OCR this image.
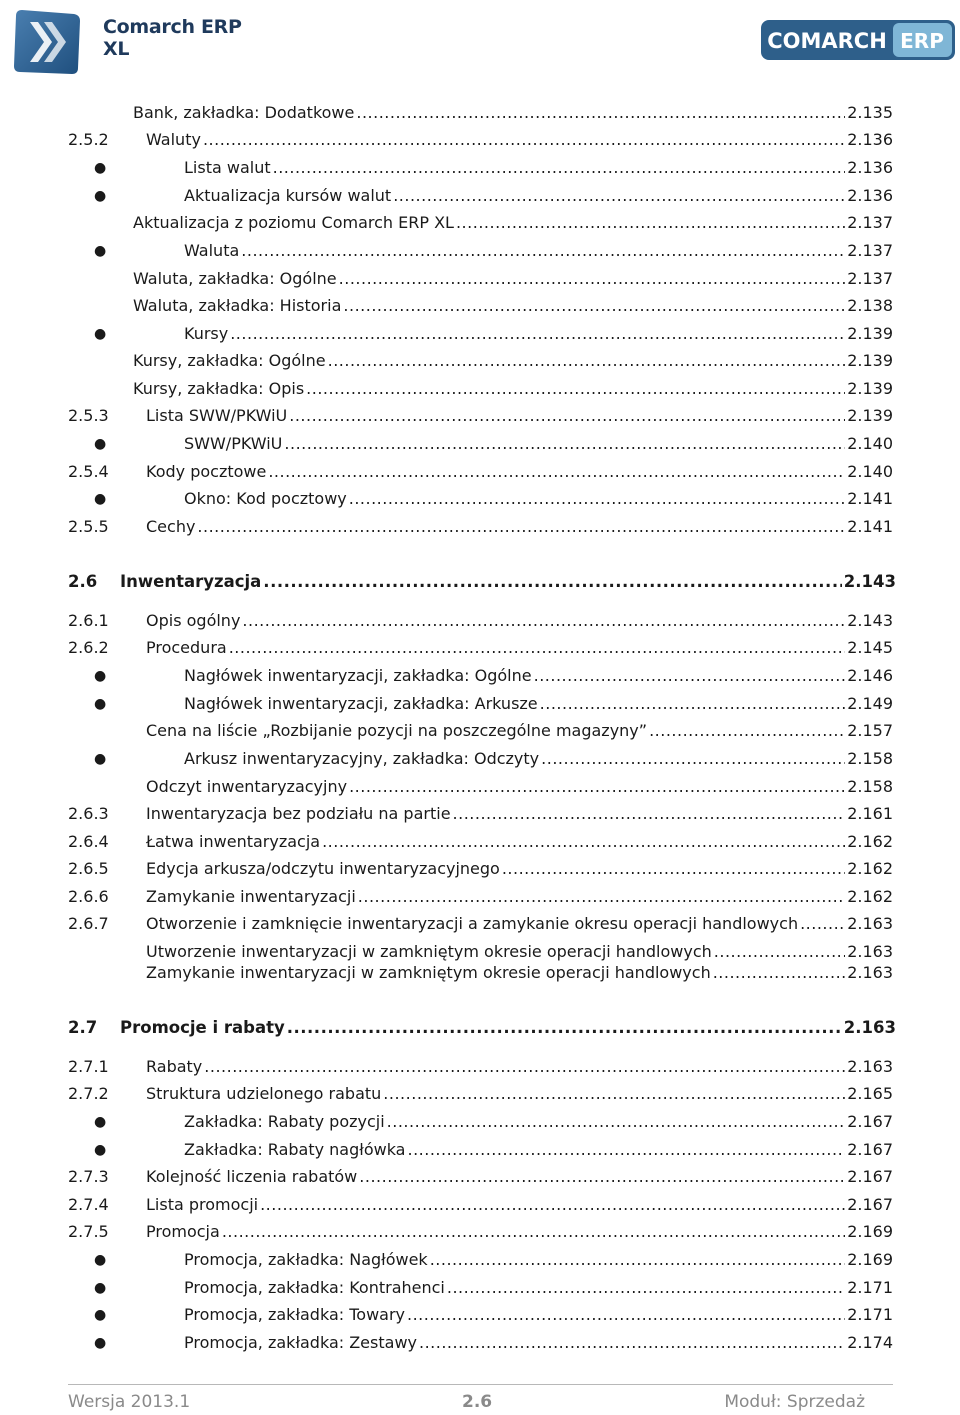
Comarch ERP
XL	COMARCH ERP
Bank, zakładka: Dodatkowe .....	2.135
2.5.2 Waluty .....	2.136
●	Lista walut .....	2.136
●	Aktualizacja kursów walut .....	2.136
Aktualizacja z poziomu Comarch ERP XL .....	2.137
●	Waluta .....	2.137
Waluta, zakładka: Ogólne .....	2.137
Waluta, zakładka: Historia .....	2.138
●	Kursy .....	2.139
Kursy, zakładka: Ogólne .....	2.139
Kursy, zakładka: Opis .....	2.139
2.5.3 Lista SWW/PKWiU .....	2.139
●	SWW/PKWiU .....	2.140
2.5.4 Kody pocztowe .....	2.140
●	Okno: Kod pocztowy .....	2.141
2.5.5 Cechy .....	2.141
2.6 Inwentaryzacja .....	2.143
2.6.1 Opis ogólny .....	2.143
2.6.2 Procedura .....	2.145
●	Nagłówek inwentaryzacji, zakładka: Ogólne .....	2.146
●	Nagłówek inwentaryzacji, zakładka: Arkusze .....	2.149
Cena na liście „Rozbijanie pozycji na poszczególne magazyny” .....	2.157
●	Arkusz inwentaryzacyjny, zakładka: Odczyty .....	2.158
Odczyt inwentaryzacyjny .....	2.158
2.6.3 Inwentaryzacja bez podziału na partie .....	2.161
2.6.4 Łatwa inwentaryzacja .....	2.162
2.6.5 Edycja arkusza/odczytu inwentaryzacyjnego .....	2.162
2.6.6 Zamykanie inwentaryzacji .....	2.162
2.6.7 Otworzenie i zamknięcie inwentaryzacji a zamykanie okresu operacji handlowych .....	2.163
Utworzenie inwentaryzacji w zamkniętym okresie operacji handlowych .....	2.163
Zamykanie inwentaryzacji w zamkniętym okresie operacji handlowych .....	2.163
2.7 Promocje i rabaty .....	2.163
2.7.1 Rabaty .....	2.163
2.7.2 Struktura udzielonego rabatu .....	2.165
●	Zakładka: Rabaty pozycji .....	2.167
●	Zakładka: Rabaty nagłówka .....	2.167
2.7.3 Kolejność liczenia rabatów .....	2.167
2.7.4 Lista promocji .....	2.167
2.7.5 Promocja .....	2.169
●	Promocja, zakładka: Nagłówek .....	2.169
●	Promocja, zakładka: Kontrahenci .....	2.171
●	Promocja, zakładka: Towary .....	2.171
●	Promocja, zakładka: Zestawy .....	2.174
Wersja 2013.1	2.6	Moduł: Sprzedaż
